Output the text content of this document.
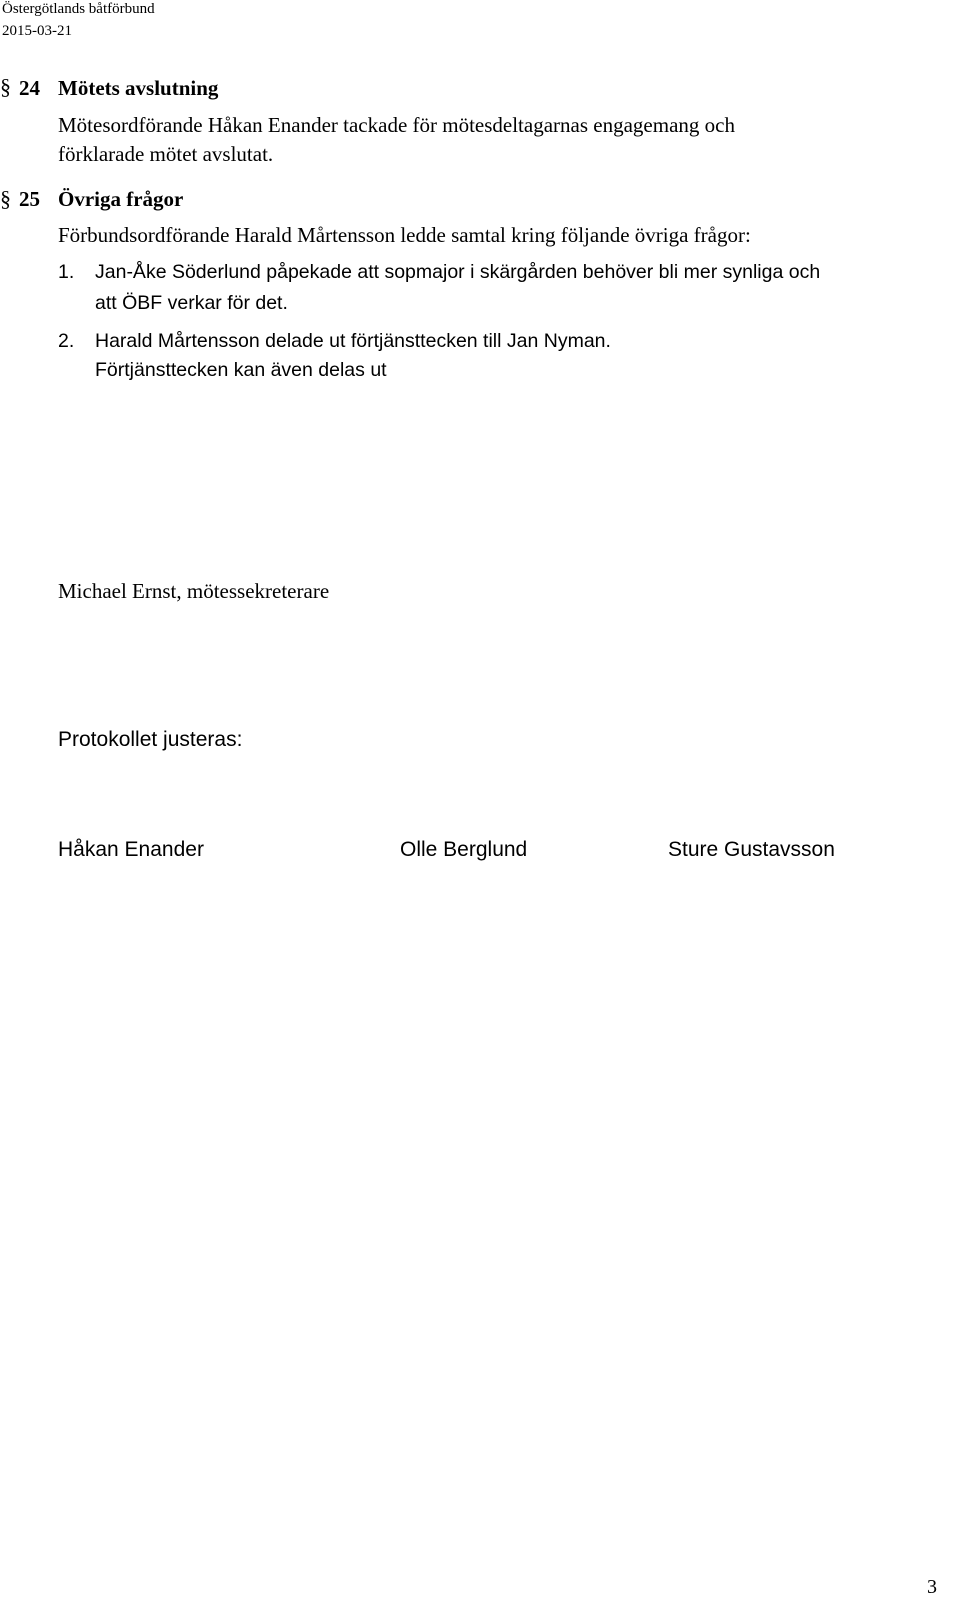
Östergötlands båtförbund
2015-03-21
§ 24 Mötets avslutning
Mötesordförande Håkan Enander tackade för mötesdeltagarnas engagemang och
förklarade mötet avslutat.
§ 25 Övriga frågor
Förbundsordförande Harald Mårtensson ledde samtal kring följande övriga frågor:
1. Jan-Åke Söderlund påpekade att sopmajor i skärgården behöver bli mer synliga och
att ÖBF verkar för det.
2. Harald Mårtensson delade ut förtjänsttecken till Jan Nyman.
Förtjänsttecken kan även delas ut
Michael Ernst, mötessekreterare
Protokollet justeras:
Håkan Enander	Olle Berglund	Sture Gustavsson
3
